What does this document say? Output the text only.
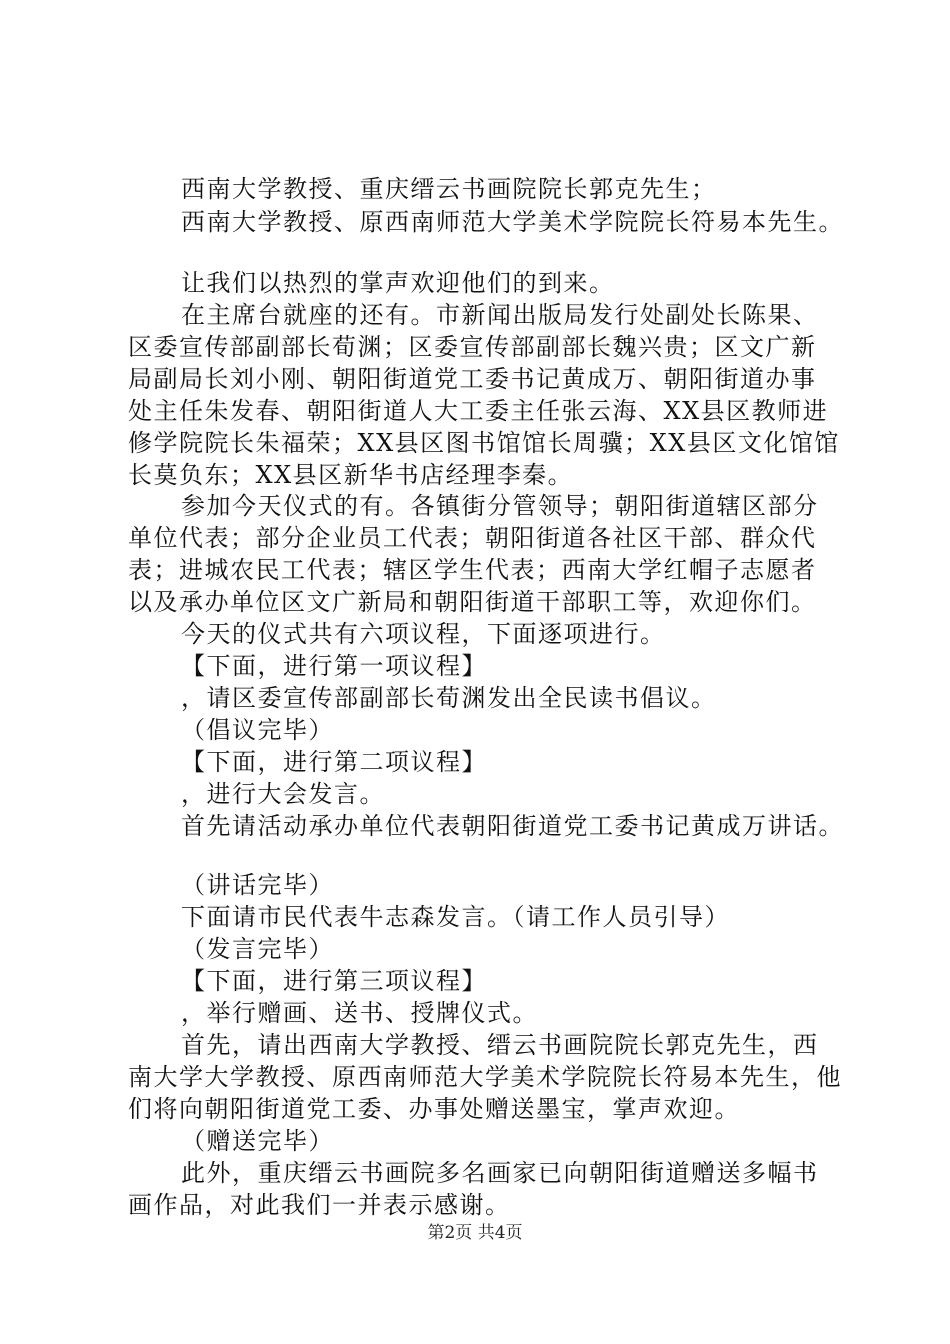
西南大学教授、重庆缙云书画院院长郭克先生；
西南大学教授、原西南师范大学美术学院院长符易本先生。
让我们以热烈的掌声欢迎他们的到来。
在主席台就座的还有。市新闻出版局发行处副处长陈果、
区委宣传部副部长荀渊；区委宣传部副部长魏兴贵；区文广新
局副局长刘小刚、朝阳街道党工委书记黄成万、朝阳街道办事
处主任朱发春、朝阳街道人大工委主任张云海、XX县区教师进
修学院院长朱福荣；XX县区图书馆馆长周骥；XX县区文化馆馆
长莫负东；XX县区新华书店经理李秦。
参加今天仪式的有。各镇街分管领导；朝阳街道辖区部分
单位代表；部分企业员工代表；朝阳街道各社区干部、群众代
表；进城农民工代表；辖区学生代表；西南大学红帽子志愿者
以及承办单位区文广新局和朝阳街道干部职工等，欢迎你们。
今天的仪式共有六项议程，下面逐项进行。
【下面，进行第一项议程】
，请区委宣传部副部长荀渊发出全民读书倡议。
（倡议完毕）
【下面，进行第二项议程】
，进行大会发言。
首先请活动承办单位代表朝阳街道党工委书记黄成万讲话。
（讲话完毕）
下面请市民代表牛志森发言。（请工作人员引导）
（发言完毕）
【下面，进行第三项议程】
，举行赠画、送书、授牌仪式。
首先，请出西南大学教授、缙云书画院院长郭克先生，西
南大学大学教授、原西南师范大学美术学院院长符易本先生，他
们将向朝阳街道党工委、办事处赠送墨宝，掌声欢迎。
（赠送完毕）
此外，重庆缙云书画院多名画家已向朝阳街道赠送多幅书
画作品，对此我们一并表示感谢。
第2页 共4页
